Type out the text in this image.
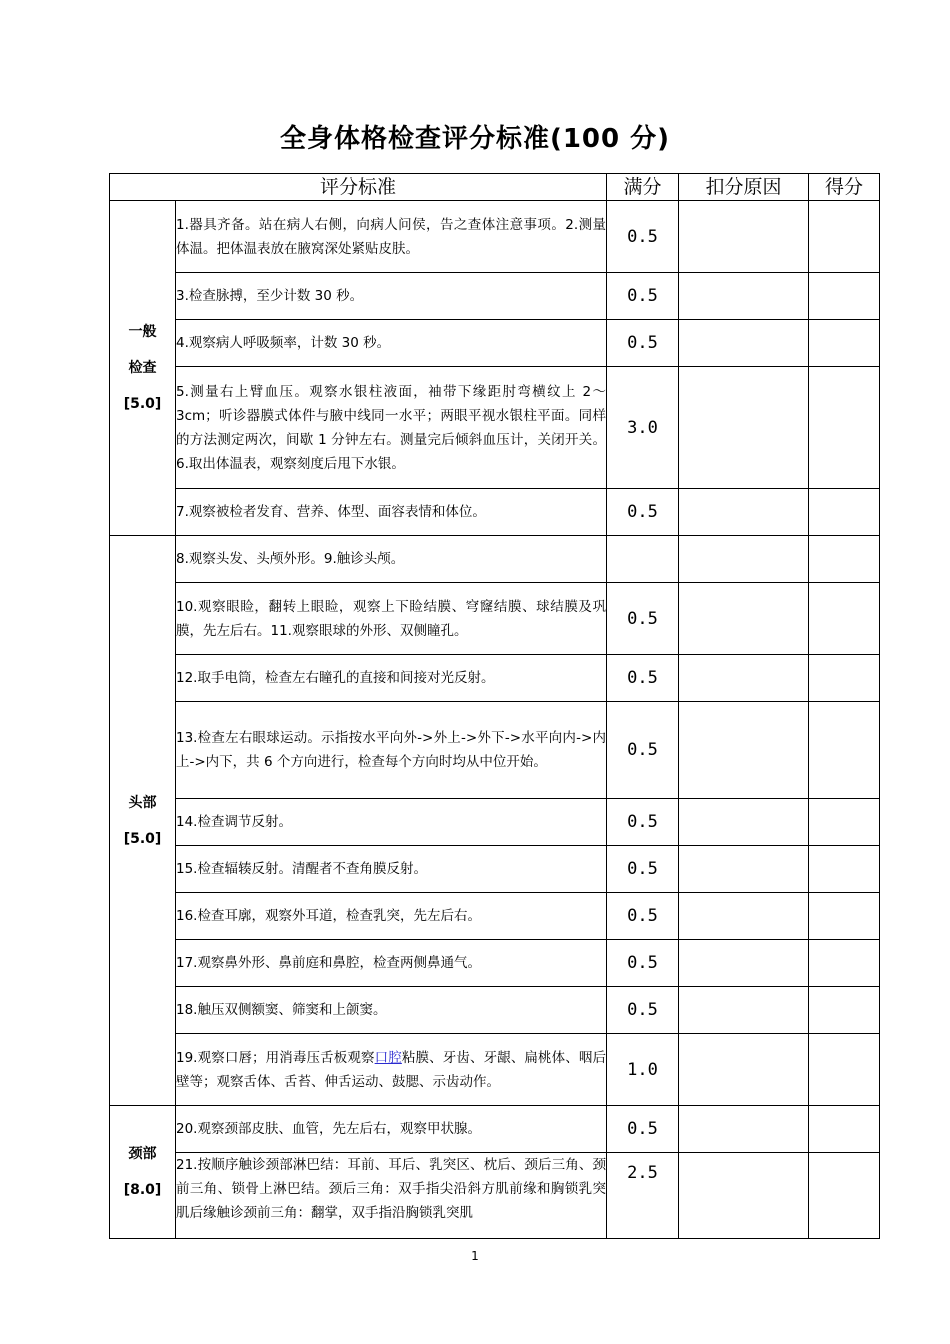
全身体格检查评分标准(100 分)
评分标准		满分	扣分原因	得分

一般
检查
[5.0]	1.器具齐备。站在病人右侧，向病人问侯，告之查体注意事项。2.测量体温。把体温表放在腋窝深处紧贴皮肤。	0.5		
	3.检查脉搏，至少计数 30 秒。	0.5		
	4.观察病人呼吸频率，计数 30 秒。	0.5		
	5.测量右上臂血压。观察水银柱液面，袖带下缘距肘弯横纹上 2～3cm；听诊器膜式体件与腋中线同一水平；两眼平视水银柱平面。同样的方法测定两次，间歇 1 分钟左右。测量完后倾斜血压计，关闭开关。6.取出体温表，观察刻度后甩下水银。	3.0		
	7.观察被检者发育、营养、体型、面容表情和体位。	0.5		

头部
[5.0]	8.观察头发、头颅外形。9.触诊头颅。			
	10.观察眼睑，翻转上眼睑，观察上下睑结膜、穹窿结膜、球结膜及巩膜，先左后右。11.观察眼球的外形、双侧瞳孔。	0.5		
	12.取手电筒，检查左右瞳孔的直接和间接对光反射。	0.5		
	13.检查左右眼球运动。示指按水平向外->外上->外下->水平向内->内上->内下，共 6 个方向进行，检查每个方向时均从中位开始。	0.5		
	14.检查调节反射。	0.5		
	15.检查辐辏反射。清醒者不查角膜反射。	0.5		
	16.检查耳廓，观察外耳道，检查乳突，先左后右。	0.5		
	17.观察鼻外形、鼻前庭和鼻腔，检查两侧鼻通气。	0.5		
	18.触压双侧额窦、筛窦和上颌窦。	0.5		
	19.观察口唇；用消毒压舌板观察口腔粘膜、牙齿、牙龈、扁桃体、咽后壁等；观察舌体、舌苔、伸舌运动、鼓腮、示齿动作。	1.0		

颈部
[8.0]	20.观察颈部皮肤、血管，先左后右，观察甲状腺。	0.5		
	21.按顺序触诊颈部淋巴结：耳前、耳后、乳突区、枕后、颈后三角、颈前三角、锁骨上淋巴结。颈后三角：双手指尖沿斜方肌前缘和胸锁乳突肌后缘触诊颈前三角：翻掌，双手指沿胸锁乳突肌	2.5		
1
